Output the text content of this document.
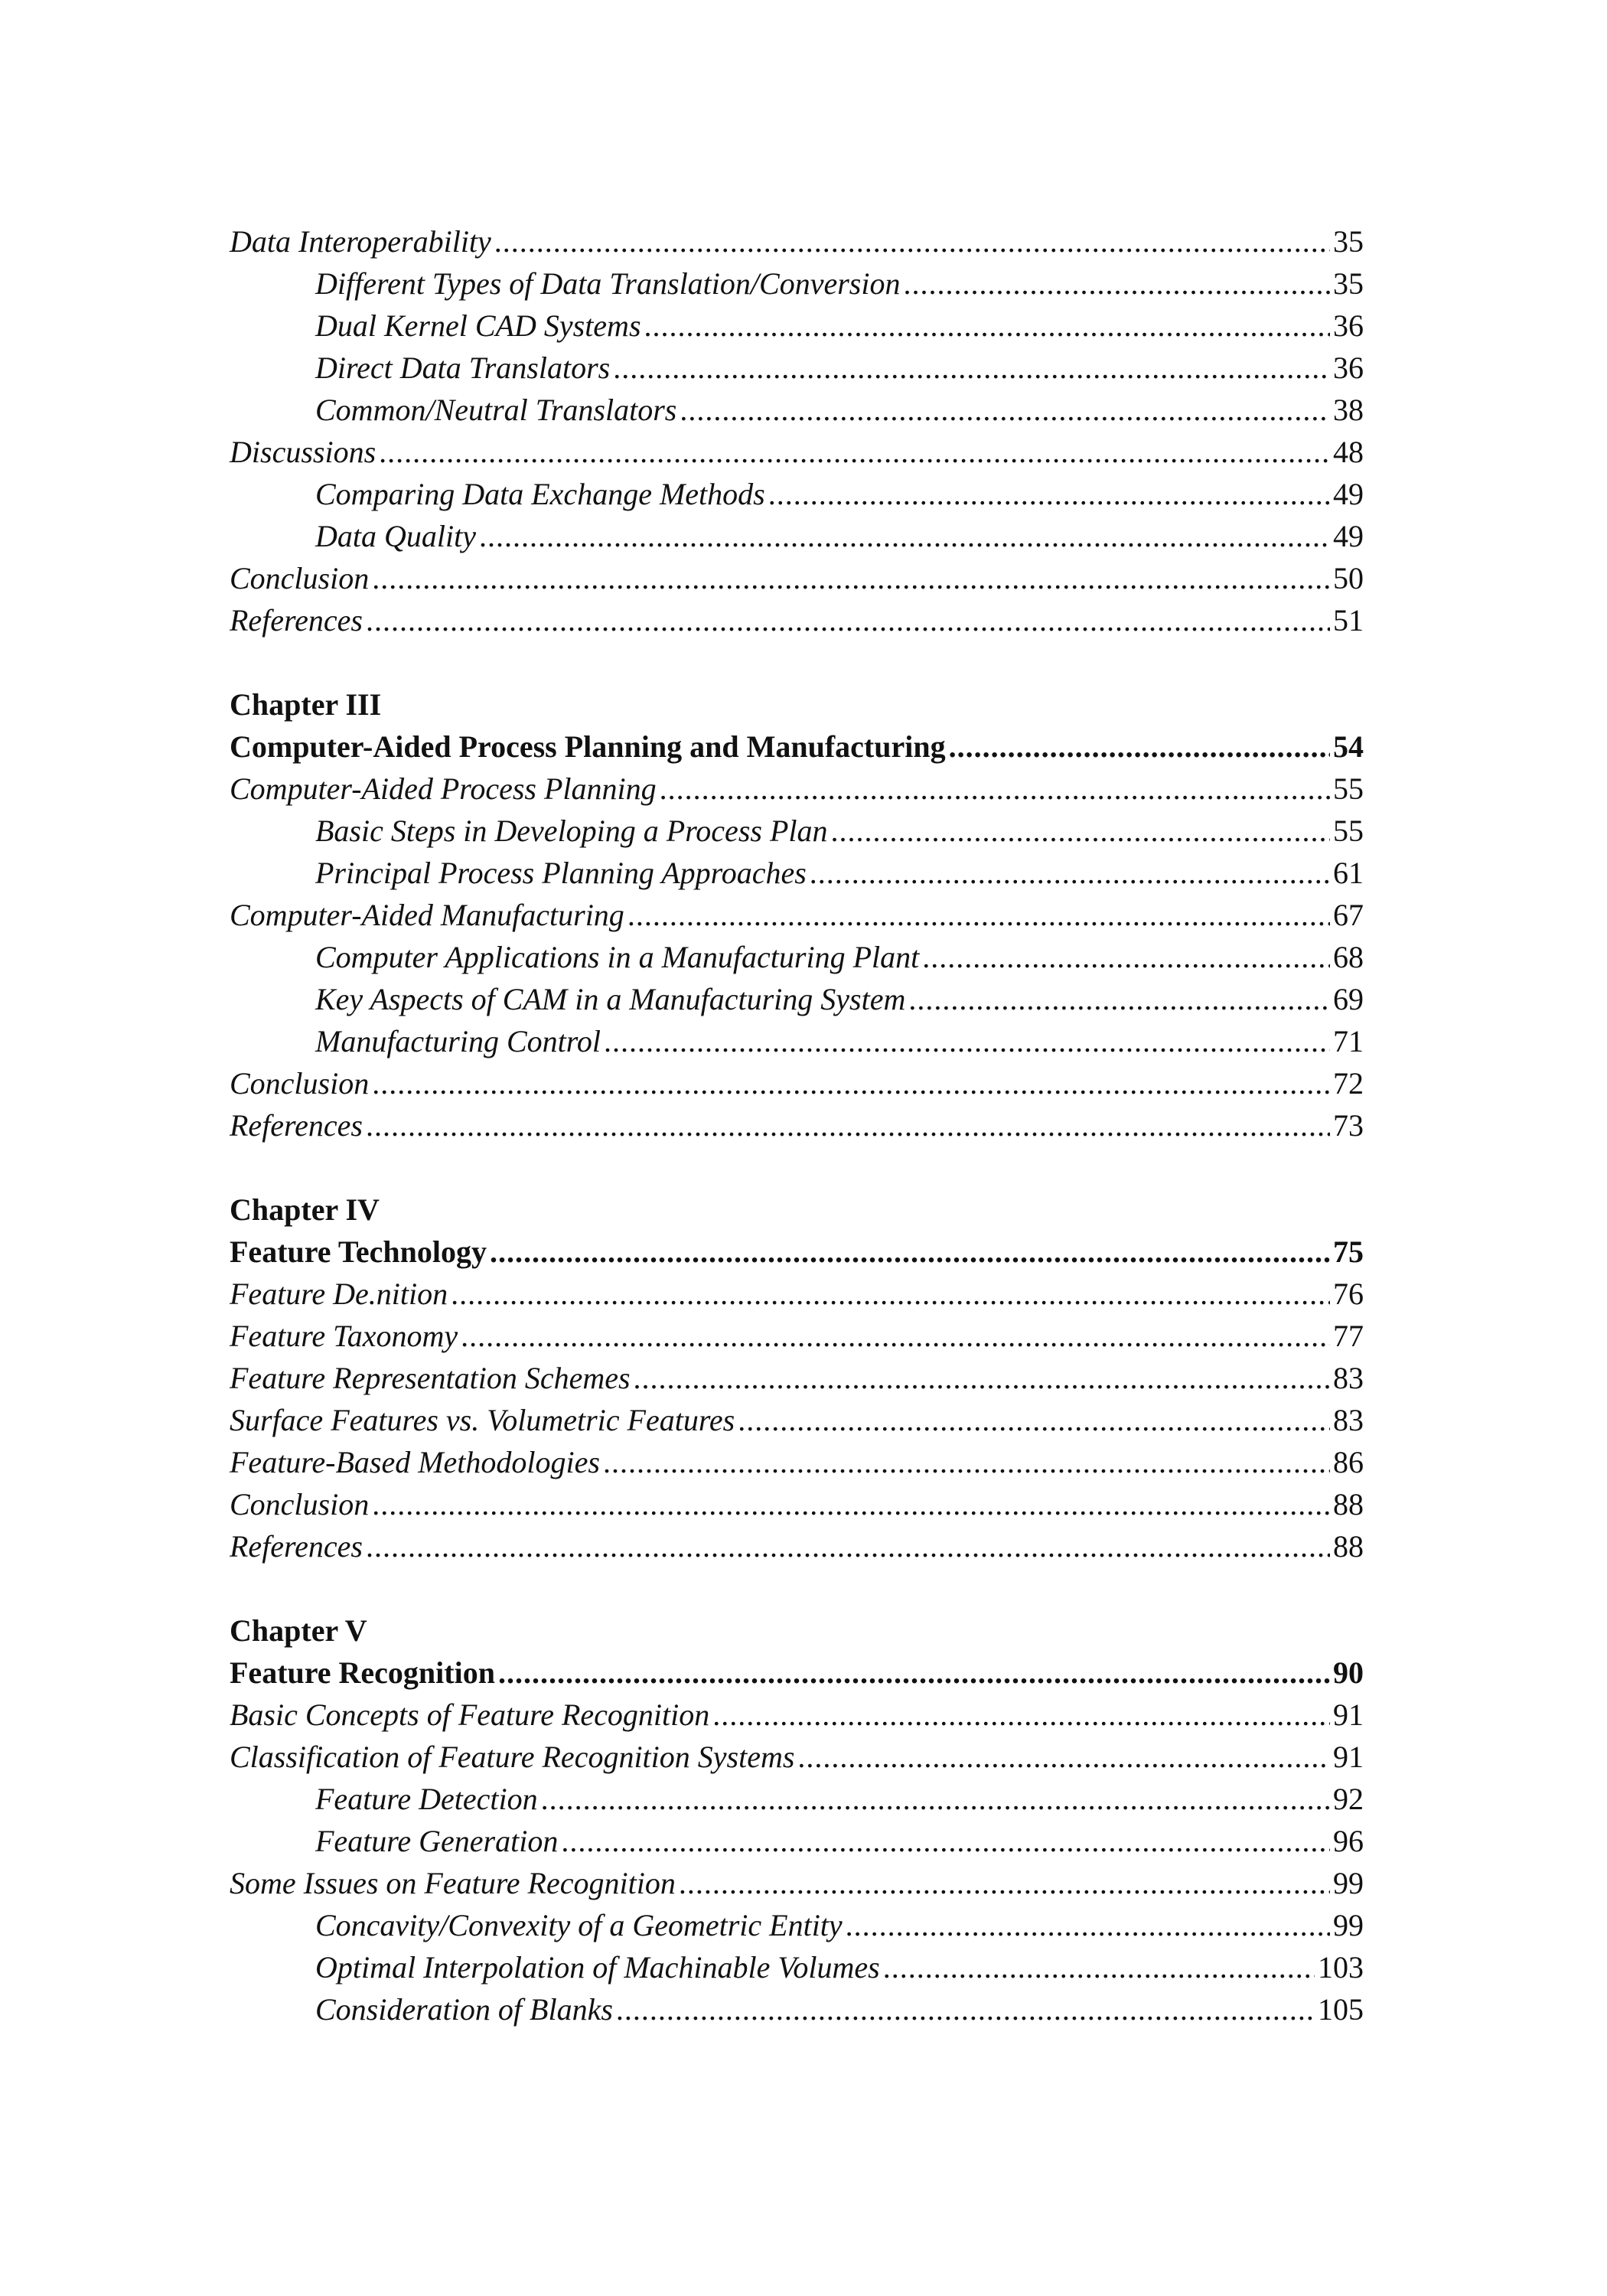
Data Interoperability .....	35
Different Types of Data Translation/Conversion .....	35
Dual Kernel CAD Systems .....	36
Direct Data Translators .....	36
Common/Neutral Translators .....	38
Discussions .....	48
Comparing Data Exchange Methods .....	49
Data Quality .....	49
Conclusion .....	50
References .....	51
Chapter III
Computer-Aided Process Planning and Manufacturing .....	54
Computer-Aided Process Planning .....	55
Basic Steps in Developing a Process Plan .....	55
Principal Process Planning Approaches .....	61
Computer-Aided Manufacturing .....	67
Computer Applications in a Manufacturing Plant .....	68
Key Aspects of CAM in a Manufacturing System .....	69
Manufacturing Control .....	71
Conclusion .....	72
References .....	73
Chapter IV
Feature Technology .....	75
Feature De.nition .....	76
Feature Taxonomy .....	77
Feature Representation Schemes .....	83
Surface Features vs. Volumetric Features .....	83
Feature-Based Methodologies .....	86
Conclusion .....	88
References .....	88
Chapter V
Feature Recognition .....	90
Basic Concepts of Feature Recognition .....	91
Classification of Feature Recognition Systems .....	91
Feature Detection .....	92
Feature Generation .....	96
Some Issues on Feature Recognition .....	99
Concavity/Convexity of a Geometric Entity .....	99
Optimal Interpolation of Machinable Volumes .....	103
Consideration of Blanks .....	105
